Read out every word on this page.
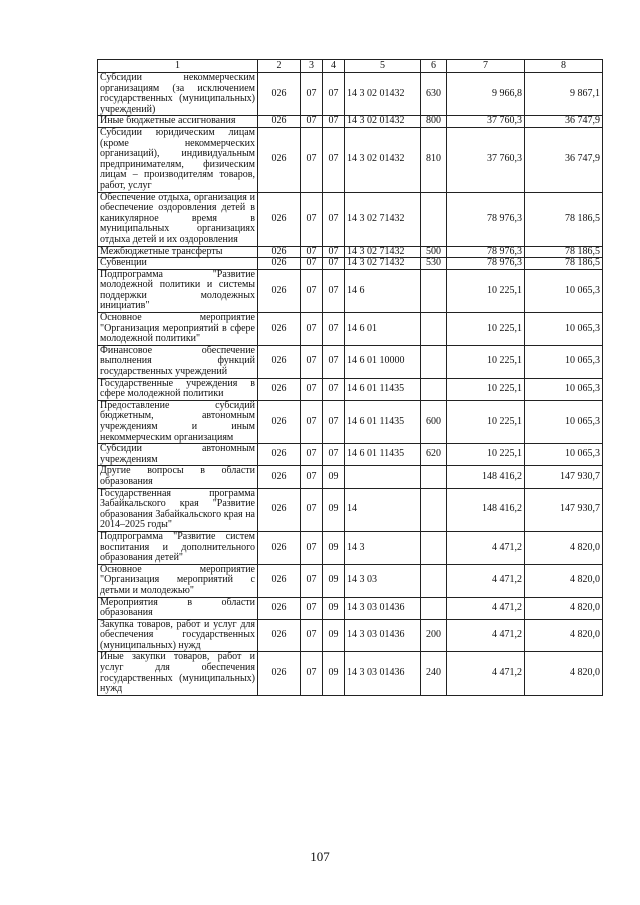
1	2	3	4	5	6	7	8
Субсидии некоммерческим организациям (за исключением государственных (муниципальных) учреждений)	026	07	07	14 3 02 01432	630	9 966,8	9 867,1
Иные бюджетные ассигнования	026	07	07	14 3 02 01432	800	37 760,3	36 747,9
Субсидии юридическим лицам (кроме некоммерческих организаций), индивидуальным предпринимателям, физическим лицам – производителям товаров, работ, услуг	026	07	07	14 3 02 01432	810	37 760,3	36 747,9
Обеспечение отдыха, организация и обеспечение оздоровления детей в каникулярное время в муниципальных организациях отдыха детей и их оздоровления	026	07	07	14 3 02 71432		78 976,3	78 186,5
Межбюджетные трансферты	026	07	07	14 3 02 71432	500	78 976,3	78 186,5
Субвенции	026	07	07	14 3 02 71432	530	78 976,3	78 186,5
Подпрограмма "Развитие молодежной политики и системы поддержки молодежных инициатив"	026	07	07	14 6		10 225,1	10 065,3
Основное мероприятие "Организация мероприятий в сфере молодежной политики"	026	07	07	14 6 01		10 225,1	10 065,3
Финансовое обеспечение выполнения функций государственных учреждений	026	07	07	14 6 01 10000		10 225,1	10 065,3
Государственные учреждения в сфере молодежной политики	026	07	07	14 6 01 11435		10 225,1	10 065,3
Предоставление субсидий бюджетным, автономным учреждениям и иным некоммерческим организациям	026	07	07	14 6 01 11435	600	10 225,1	10 065,3
Субсидии автономным учреждениям	026	07	07	14 6 01 11435	620	10 225,1	10 065,3
Другие вопросы в области образования	026	07	09			148 416,2	147 930,7
Государственная программа Забайкальского края "Развитие образования Забайкальского края на 2014–2025 годы"	026	07	09	14		148 416,2	147 930,7
Подпрограмма "Развитие систем воспитания и дополнительного образования детей"	026	07	09	14 3		4 471,2	4 820,0
Основное мероприятие "Организация мероприятий с детьми и молодежью"	026	07	09	14 3 03		4 471,2	4 820,0
Мероприятия в области образования	026	07	09	14 3 03 01436		4 471,2	4 820,0
Закупка товаров, работ и услуг для обеспечения государственных (муниципальных) нужд	026	07	09	14 3 03 01436	200	4 471,2	4 820,0
Иные закупки товаров, работ и услуг для обеспечения государственных (муниципальных) нужд	026	07	09	14 3 03 01436	240	4 471,2	4 820,0
107
